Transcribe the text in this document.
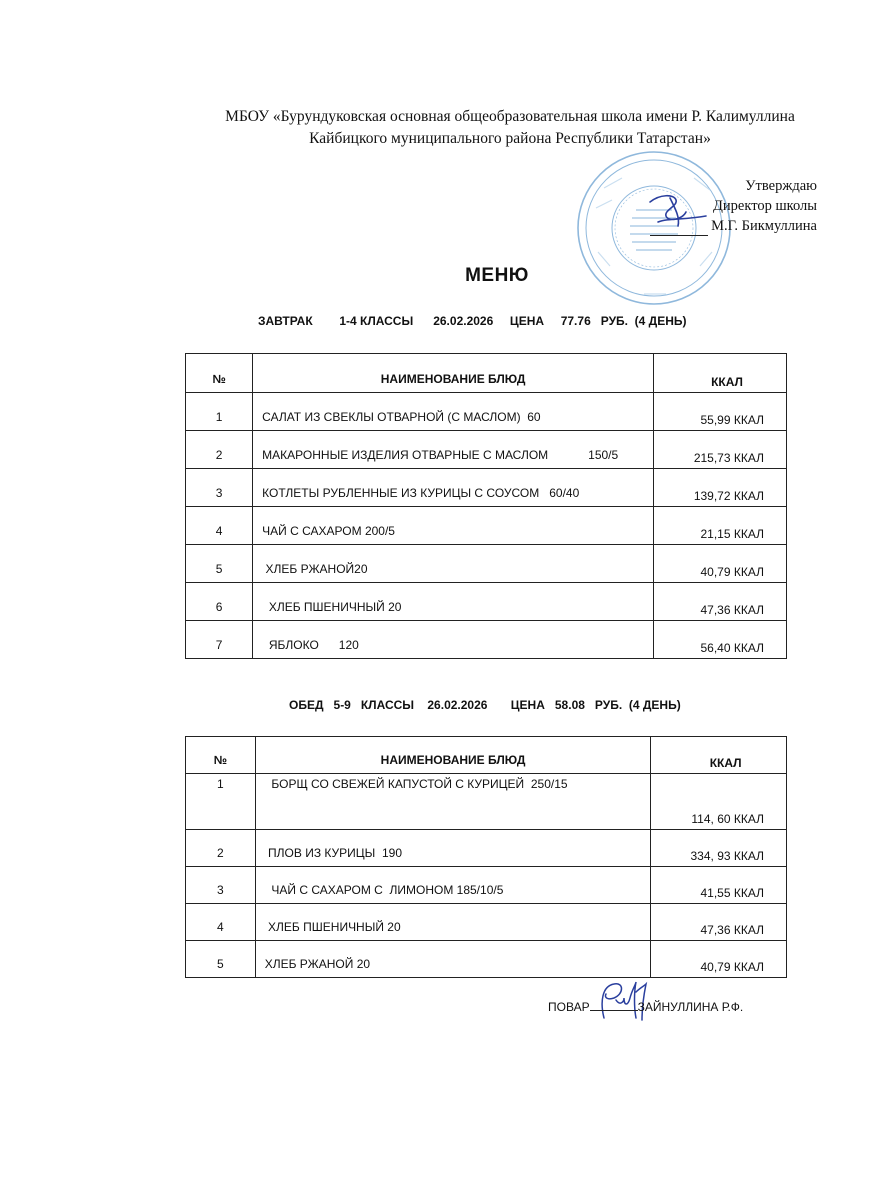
МБОУ «Бурундуковская основная общеобразовательная школа имени Р. Калимуллина
Кайбицкого муниципального района Республики Татарстан»
Утверждаю
Директор школы
М.Г. Бикмуллина
МЕНЮ
ЗАВТРАК        1-4 КЛАССЫ      26.02.2026     ЦЕНА     77.76   РУБ.  (4 ДЕНЬ)
№	НАИМЕНОВАНИЕ БЛЮД	ККАЛ
1	САЛАТ ИЗ СВЕКЛЫ ОТВАРНОЙ (С МАСЛОМ)  60	55,99 ККАЛ
2	МАКАРОННЫЕ ИЗДЕЛИЯ ОТВАРНЫЕ С МАСЛОМ            150/5	215,73 ККАЛ
3	КОТЛЕТЫ РУБЛЕННЫЕ ИЗ КУРИЦЫ С СОУСОМ   60/40	139,72 ККАЛ
4	ЧАЙ С САХАРОМ 200/5	21,15 ККАЛ
5	ХЛЕБ РЖАНОЙ20	40,79 ККАЛ
6	ХЛЕБ ПШЕНИЧНЫЙ 20	47,36 ККАЛ
7	ЯБЛОКО      120	56,40 ККАЛ
ОБЕД   5-9   КЛАССЫ    26.02.2026       ЦЕНА   58.08   РУБ.  (4 ДЕНЬ)
№	НАИМЕНОВАНИЕ БЛЮД	ККАЛ
1	БОРЩ СО СВЕЖЕЙ КАПУСТОЙ С КУРИЦЕЙ  250/15	114, 60 ККАЛ
2	ПЛОВ ИЗ КУРИЦЫ  190	334, 93 ККАЛ
3	ЧАЙ С САХАРОМ С  ЛИМОНОМ 185/10/5	41,55 ККАЛ
4	ХЛЕБ ПШЕНИЧНЫЙ 20	47,36 ККАЛ
5	ХЛЕБ РЖАНОЙ 20	40,79 ККАЛ
ПОВАР	ЗАЙНУЛЛИНА Р.Ф.
